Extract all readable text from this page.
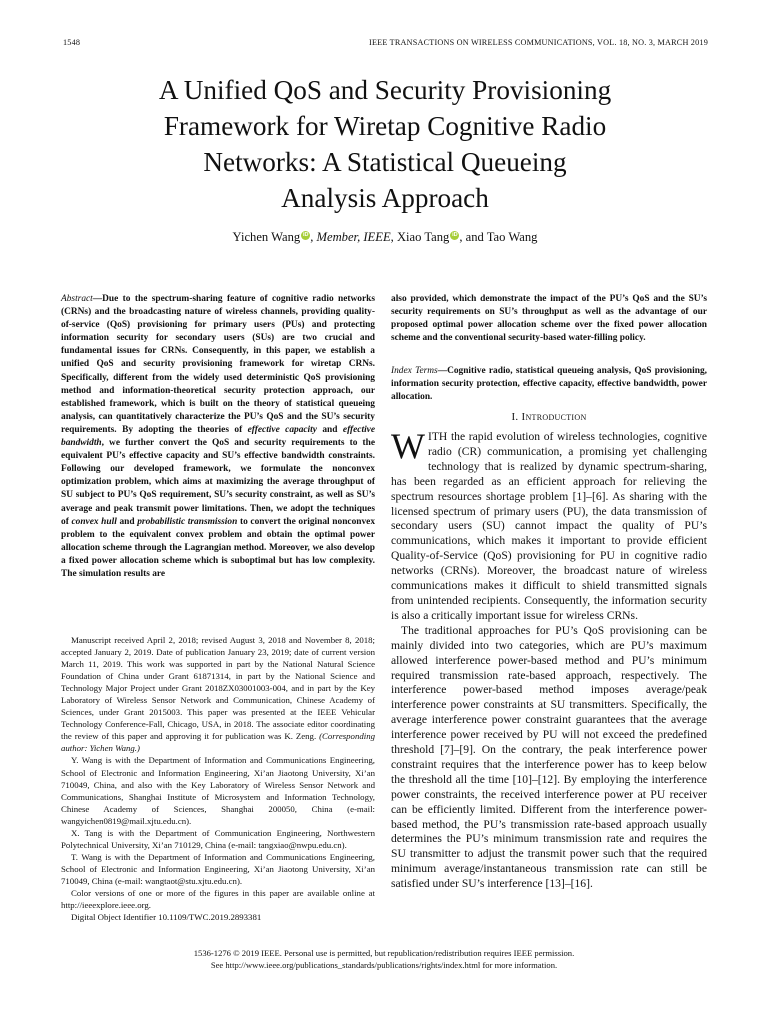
1548	IEEE TRANSACTIONS ON WIRELESS COMMUNICATIONS, VOL. 18, NO. 3, MARCH 2019
A Unified QoS and Security Provisioning
Framework for Wiretap Cognitive Radio
Networks: A Statistical Queueing
Analysis Approach
Yichen Wang iD , Member, IEEE, Xiao Tang iD , and Tao Wang
Abstract—Due to the spectrum-sharing feature of cognitive radio networks (CRNs) and the broadcasting nature of wireless channels, providing quality-of-service (QoS) provisioning for primary users (PUs) and protecting information security for secondary users (SUs) are two crucial and fundamental issues for CRNs. Consequently, in this paper, we establish a unified QoS and security provisioning framework for wiretap CRNs. Specifically, different from the widely used deterministic QoS provisioning method and information-theoretical security protection approach, our established framework, which is built on the theory of statistical queueing analysis, can quantitatively characterize the PU’s QoS and the SU’s security requirements. By adopting the theories of effective capacity and effective bandwidth, we further convert the QoS and security requirements to the equivalent PU’s effective capacity and SU’s effective bandwidth constraints. Following our developed framework, we formulate the nonconvex optimization problem, which aims at maximizing the average throughput of SU subject to PU’s QoS requirement, SU’s security constraint, as well as SU’s average and peak transmit power limitations. Then, we adopt the techniques of convex hull and probabilistic transmission to convert the original nonconvex problem to the equivalent convex problem and obtain the optimal power allocation scheme through the Lagrangian method. Moreover, we also develop a fixed power allocation scheme which is suboptimal but has low complexity. The simulation results are
also provided, which demonstrate the impact of the PU’s QoS and the SU’s security requirements on SU’s throughput as well as the advantage of our proposed optimal power allocation scheme over the fixed power allocation scheme and the conventional security-based water-filling policy.
Index Terms—Cognitive radio, statistical queueing analysis, QoS provisioning, information security protection, effective capacity, effective bandwidth, power allocation.
I. Introduction

WITH the rapid evolution of wireless technologies, cognitive radio (CR) communication, a promising yet challenging technology that is realized by dynamic spectrum-sharing, has been regarded as an efficient approach for relieving the spectrum resources shortage problem [1]–[6]. As sharing with the licensed spectrum of primary users (PU), the data transmission of secondary users (SU) cannot impact the quality of PU’s communications, which makes it important to provide efficient Quality-of-Service (QoS) provisioning for PU in cognitive radio networks (CRNs). Moreover, the broadcast nature of wireless communications makes it difficult to shield transmitted signals from unintended recipients. Consequently, the information security is also a critically important issue for wireless CRNs.

The traditional approaches for PU’s QoS provisioning can be mainly divided into two categories, which are PU’s maximum allowed interference power-based method and PU’s minimum required transmission rate-based approach, respectively. The interference power-based method imposes average/peak interference power constraints at SU transmitters. Specifically, the average interference power constraint guarantees that the average interference power received by PU will not exceed the predefined threshold [7]–[9]. On the contrary, the peak interference power constraint requires that the interference power has to keep below the threshold all the time [10]–[12]. By employing the interference power constraints, the received interference power at PU receiver can be efficiently limited. Different from the interference power-based method, the PU’s transmission rate-based approach usually determines the PU’s minimum transmission rate and requires the SU transmitter to adjust the transmit power such that the required minimum average/instantaneous transmission rate can still be satisfied under SU’s interference [13]–[16].

Manuscript received April 2, 2018; revised August 3, 2018 and November 8, 2018; accepted January 2, 2019. Date of publication January 23, 2019; date of current version March 11, 2019. This work was supported in part by the National Natural Science Foundation of China under Grant 61871314, in part by the National Science and Technology Major Project under Grant 2018ZX03001003-004, and in part by the Key Laboratory of Wireless Sensor Network and Communication, Chinese Academy of Sciences, under Grant 2015003. This paper was presented at the IEEE Vehicular Technology Conference-Fall, Chicago, USA, in 2018. The associate editor coordinating the review of this paper and approving it for publication was K. Zeng. (Corresponding author: Yichen Wang.)

Y. Wang is with the Department of Information and Communications Engineering, School of Electronic and Information Engineering, Xi’an Jiaotong University, Xi’an 710049, China, and also with the Key Laboratory of Wireless Sensor Network and Communications, Shanghai Institute of Microsystem and Information Technology, Chinese Academy of Sciences, Shanghai 200050, China (e-mail: wangyichen0819@mail.xjtu.edu.cn).

X. Tang is with the Department of Communication Engineering, Northwestern Polytechnical University, Xi’an 710129, China (e-mail: tangxiao@nwpu.edu.cn).

T. Wang is with the Department of Information and Communications Engineering, School of Electronic and Information Engineering, Xi’an Jiaotong University, Xi’an 710049, China (e-mail: wangtaot@stu.xjtu.edu.cn).

Color versions of one or more of the figures in this paper are available online at http://ieeexplore.ieee.org.

Digital Object Identifier 10.1109/TWC.2019.2893381

1536-1276 © 2019 IEEE. Personal use is permitted, but republication/redistribution requires IEEE permission.
See http://www.ieee.org/publications_standards/publications/rights/index.html for more information.
